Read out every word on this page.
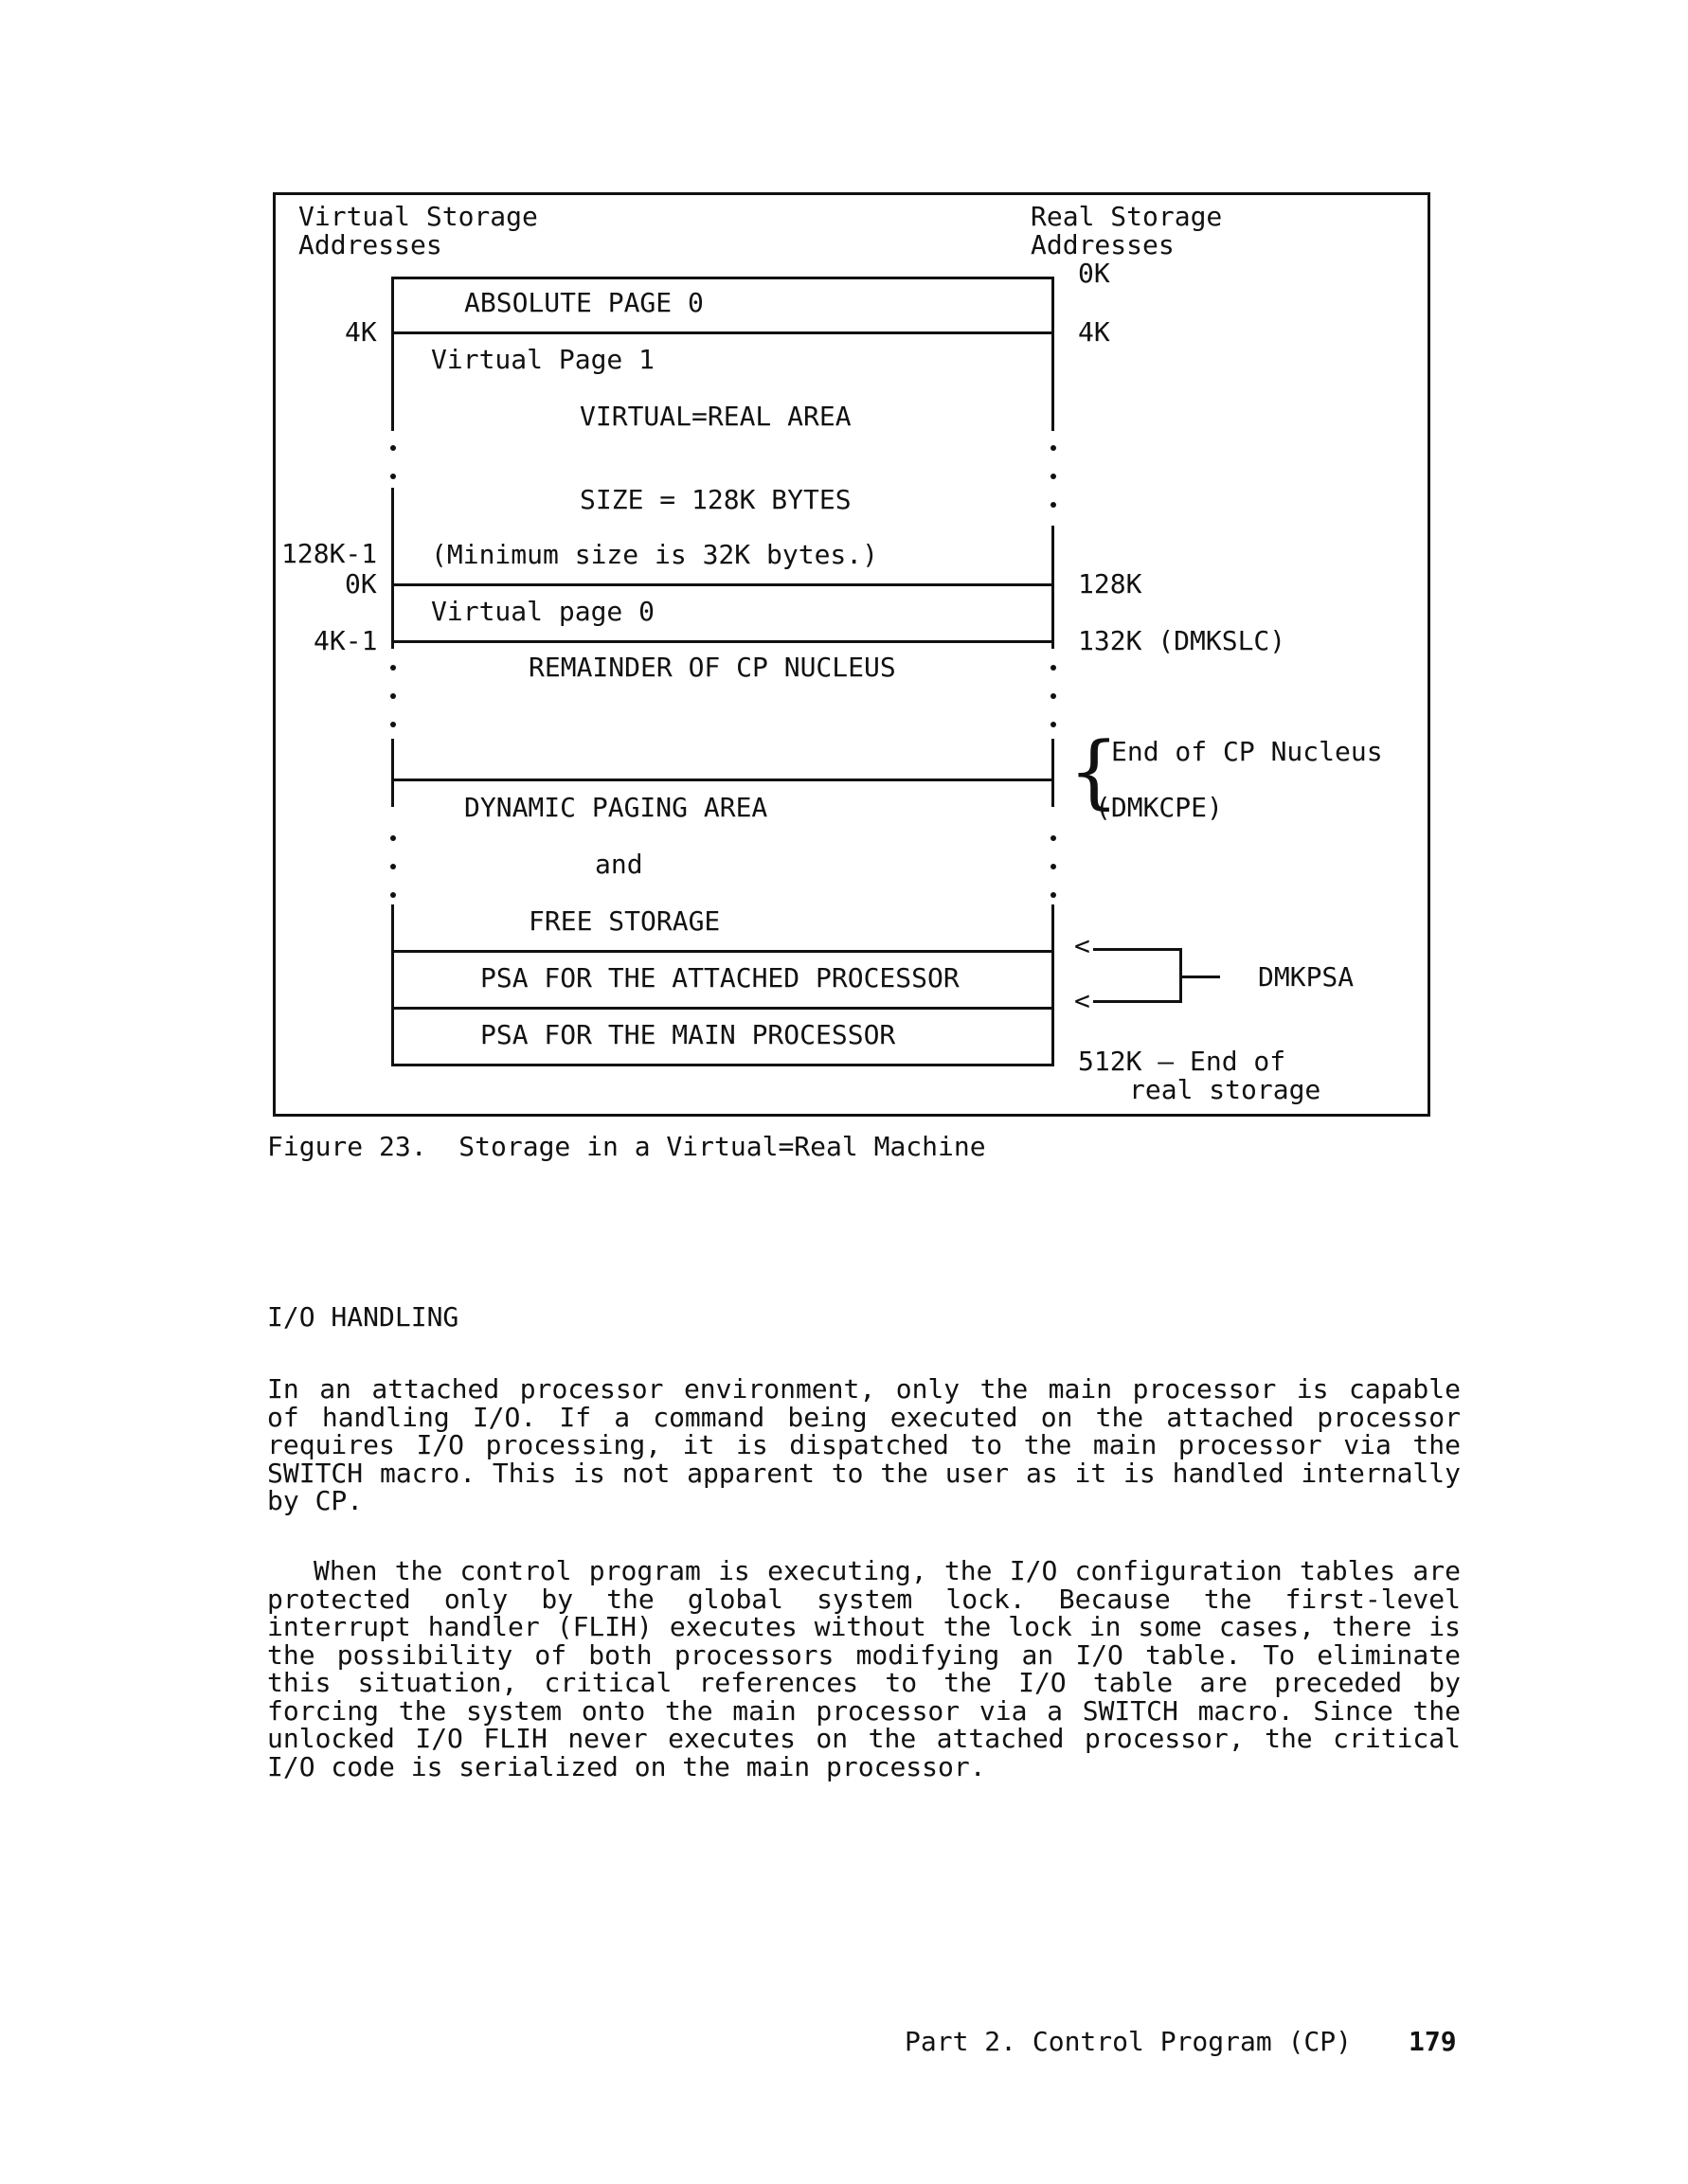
Virtual Storage
Addresses
Real Storage
Addresses
4K
128K-1
0K
4K-1
0K
4K
128K
132K (DMKSLC)
ABSOLUTE PAGE 0
Virtual Page 1
VIRTUAL=REAL AREA
SIZE = 128K BYTES
(Minimum size is 32K bytes.)
Virtual page 0
REMAINDER OF CP NUCLEUS
DYNAMIC PAGING AREA
and
FREE STORAGE
PSA FOR THE ATTACHED PROCESSOR
PSA FOR THE MAIN PROCESSOR
{
End of CP Nucleus
(DMKCPE)
<
<
DMKPSA
512K — End of
real storage
Figure 23.  Storage in a Virtual=Real Machine
I/O HANDLING
In an attached processor environment, only the main processor is capable of handling I/O. If a command being executed on the attached processor requires I/O processing, it is dispatched to the main processor via the SWITCH macro. This is not apparent to the user as it is handled internally by CP.
When the control program is executing, the I/O configuration tables are protected only by the global system lock. Because the first-level interrupt handler (FLIH) executes without the lock in some cases, there is the possibility of both processors modifying an I/O table. To eliminate this situation, critical references to the I/O table are preceded by forcing the system onto the main processor via a SWITCH macro. Since the unlocked I/O FLIH never executes on the attached processor, the critical I/O code is serialized on the main processor.
Part 2. Control Program (CP) 179
